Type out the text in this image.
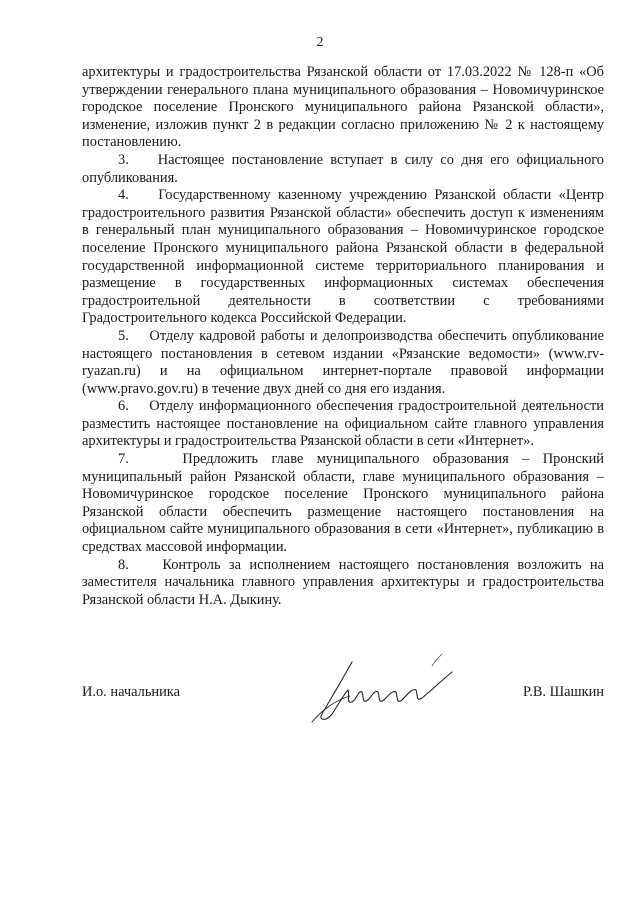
2

архитектуры и градостроительства Рязанской области от 17.03.2022 № 128-п «Об утверждении генерального плана муниципального образования – Новомичуринское городское поселение Пронского муниципального района Рязанской области», изменение, изложив пункт 2 в редакции согласно приложению № 2 к настоящему постановлению.

3.    Настоящее постановление вступает в силу со дня его официального опубликования.

4.    Государственному казенному учреждению Рязанской области «Центр градостроительного развития Рязанской области» обеспечить доступ к изменениям в генеральный план муниципального образования – Новомичуринское городское поселение Пронского муниципального района Рязанской области в федеральной государственной информационной системе территориального планирования и размещение в государственных информационных системах обеспечения градостроительной деятельности в соответствии с требованиями Градостроительного кодекса Российской Федерации.

5.    Отделу кадровой работы и делопроизводства обеспечить опубликование настоящего постановления в сетевом издании «Рязанские ведомости» (www.rv-ryazan.ru) и на официальном интернет-портале правовой информации (www.pravo.gov.ru) в течение двух дней со дня его издания.

6.    Отделу информационного обеспечения градостроительной деятельности разместить настоящее постановление на официальном сайте главного управления архитектуры и градостроительства Рязанской области в сети «Интернет».

7.    Предложить главе муниципального образования – Пронский муниципальный район Рязанской области, главе муниципального образования – Новомичуринское городское поселение Пронского муниципального района Рязанской области обеспечить размещение настоящего постановления на официальном сайте муниципального образования в сети «Интернет», публикацию в средствах массовой информации.

8.    Контроль за исполнением настоящего постановления возложить на заместителя начальника главного управления архитектуры и градостроительства Рязанской области Н.А. Дыкину.

И.о. начальника	Р.В. Шашкин
